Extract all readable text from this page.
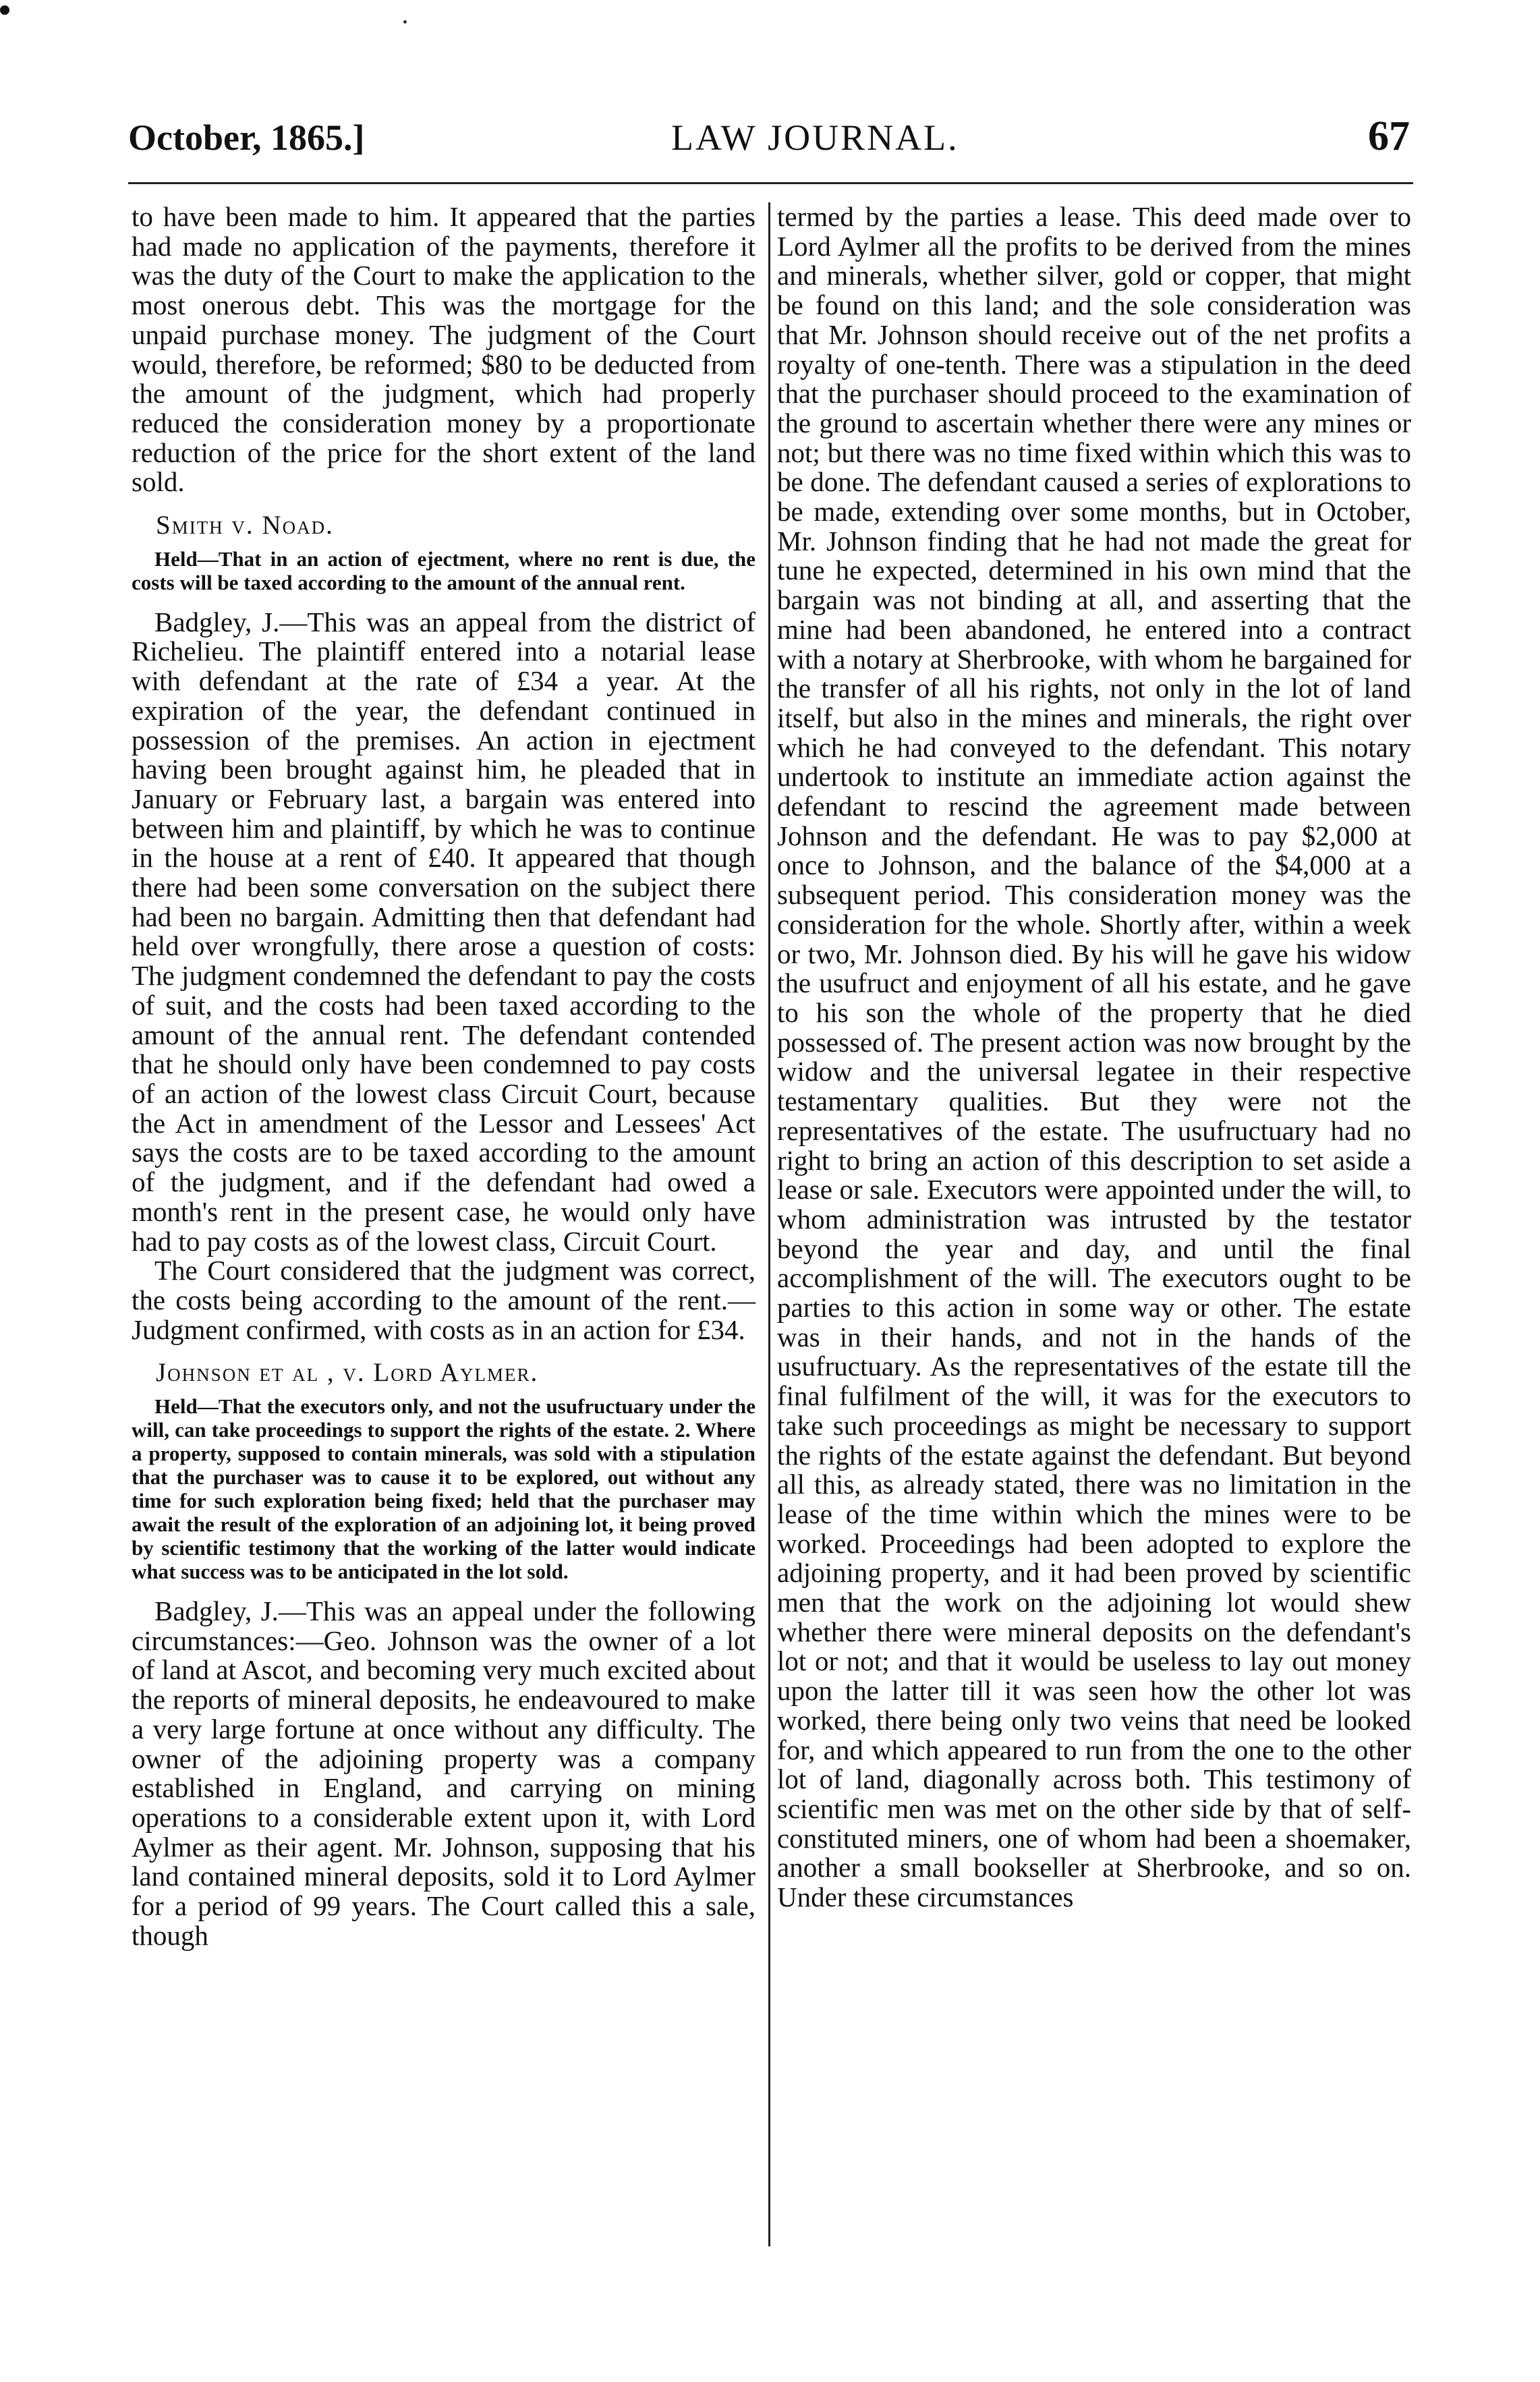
October, 1865.]	LAW JOURNAL.	67

to have been made to him. It appeared that the parties had made no application of the payments, therefore it was the duty of the Court to make the application to the most onerous debt. This was the mortgage for the unpaid purchase money. The judgment of the Court would, therefore, be reformed; $80 to be deducted from the amount of the judgment, which had properly reduced the consideration money by a proportionate reduction of the price for the short extent of the land sold.

Smith v. Noad.

Held—That in an action of ejectment, where no rent is due, the costs will be taxed according to the amount of the annual rent.

Badgley, J.—This was an appeal from the district of Richelieu. The plaintiff entered into a notarial lease with defendant at the rate of £34 a year. At the expiration of the year, the defendant continued in possession of the premises. An action in ejectment having been brought against him, he pleaded that in January or February last, a bargain was entered into between him and plaintiff, by which he was to continue in the house at a rent of £40. It appeared that though there had been some conversation on the subject there had been no bargain. Admitting then that defendant had held over wrongfully, there arose a question of costs: The judgment condemned the defendant to pay the costs of suit, and the costs had been taxed according to the amount of the annual rent. The defendant contended that he should only have been condemned to pay costs of an action of the lowest class Circuit Court, because the Act in amendment of the Lessor and Lessees' Act says the costs are to be taxed according to the amount of the judgment, and if the defendant had owed a month's rent in the present case, he would only have had to pay costs as of the lowest class, Circuit Court.

The Court considered that the judgment was correct, the costs being according to the amount of the rent.—Judgment confirmed, with costs as in an action for £34.

Johnson et al , v. Lord Aylmer.

Held—That the executors only, and not the usufructuary under the will, can take proceedings to support the rights of the estate. 2. Where a property, supposed to contain minerals, was sold with a stipulation that the purchaser was to cause it to be explored, out without any time for such exploration being fixed; held that the purchaser may await the result of the exploration of an adjoining lot, it being proved by scientific testimony that the working of the latter would indicate what success was to be anticipated in the lot sold.

Badgley, J.—This was an appeal under the following circumstances:—Geo. Johnson was the owner of a lot of land at Ascot, and becoming very much excited about the reports of mineral deposits, he endeavoured to make a very large fortune at once without any difficulty. The owner of the adjoining property was a company established in England, and carrying on mining operations to a considerable extent upon it, with Lord Aylmer as their agent. Mr. Johnson, supposing that his land contained mineral deposits, sold it to Lord Aylmer for a period of 99 years. The Court called this a sale, though

termed by the parties a lease. This deed made over to Lord Aylmer all the profits to be derived from the mines and minerals, whether silver, gold or copper, that might be found on this land; and the sole consideration was that Mr. Johnson should receive out of the net profits a royalty of one-tenth. There was a stipulation in the deed that the purchaser should proceed to the examination of the ground to ascertain whether there were any mines or not; but there was no time fixed within which this was to be done. The defendant caused a series of explorations to be made, extending over some months, but in October, Mr. Johnson finding that he had not made the great for tune he expected, determined in his own mind that the bargain was not binding at all, and asserting that the mine had been abandoned, he entered into a contract with a notary at Sherbrooke, with whom he bargained for the transfer of all his rights, not only in the lot of land itself, but also in the mines and minerals, the right over which he had conveyed to the defendant. This notary undertook to institute an immediate action against the defendant to rescind the agreement made between Johnson and the defendant. He was to pay $2,000 at once to Johnson, and the balance of the $4,000 at a subsequent period. This consideration money was the consideration for the whole. Shortly after, within a week or two, Mr. Johnson died. By his will he gave his widow the usufruct and enjoyment of all his estate, and he gave to his son the whole of the property that he died possessed of. The present action was now brought by the widow and the universal legatee in their respective testamentary qualities. But they were not the representatives of the estate. The usufructuary had no right to bring an action of this description to set aside a lease or sale. Executors were appointed under the will, to whom administration was intrusted by the testator beyond the year and day, and until the final accomplishment of the will. The executors ought to be parties to this action in some way or other. The estate was in their hands, and not in the hands of the usufructuary. As the representatives of the estate till the final fulfilment of the will, it was for the executors to take such proceedings as might be necessary to support the rights of the estate against the defendant. But beyond all this, as already stated, there was no limitation in the lease of the time within which the mines were to be worked. Proceedings had been adopted to explore the adjoining property, and it had been proved by scientific men that the work on the adjoining lot would shew whether there were mineral deposits on the defendant's lot or not; and that it would be useless to lay out money upon the latter till it was seen how the other lot was worked, there being only two veins that need be looked for, and which appeared to run from the one to the other lot of land, diagonally across both. This testimony of scientific men was met on the other side by that of self-constituted miners, one of whom had been a shoemaker, another a small bookseller at Sherbrooke, and so on. Under these circumstances
